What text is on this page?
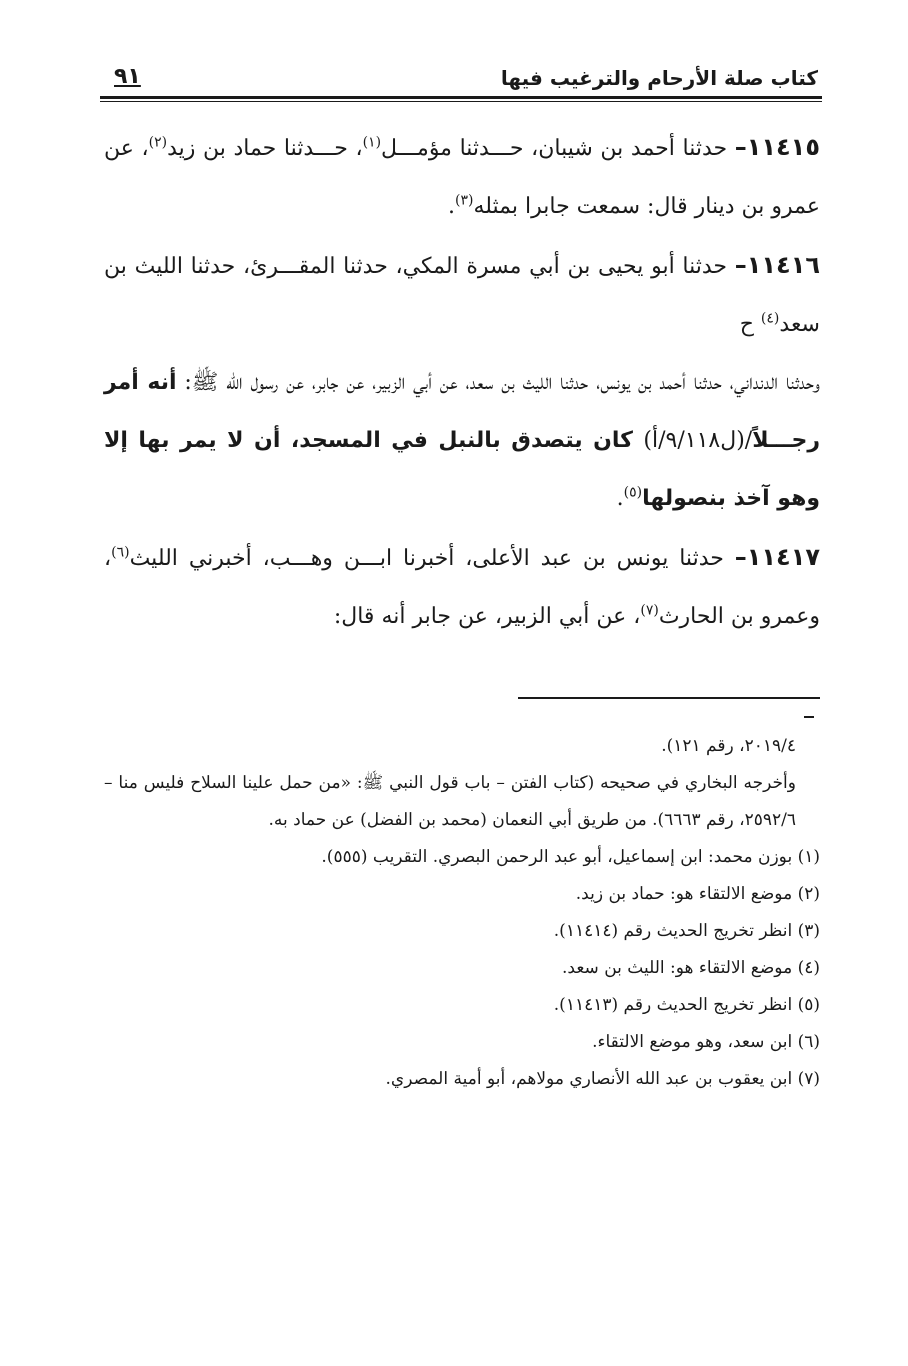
كتاب صلة الأرحام والترغيب فيها
٩١

١١٤١٥– حدثنا أحمد بن شيبان، حـــدثنا مؤمـــل$^{(١)}$، حـــدثنا حماد بن زيد$^{(٢)}$، عن عمرو بن دينار قال: سمعت جابرا بمثله$^{(٣)}$.

١١٤١٦– حدثنا أبو يحيى بن أبي مسرة المكي، حدثنا المقـــرئ، حدثنا الليث بن سعد$^{(٤)}$ ح

وحدثنا الدنداني، حدثنا أحمد بن يونس، حدثنا الليث بن سعد، عن أبي الزبير، عن جابر، عن رسول الله ﷺ: أنه أمر رجـــلاً/(ل٩/١١٨/أ) كان يتصدق بالنبل في المسجد، أن لا يمر بها إلا وهو آخذ بنصولها$^{(٥)}$.

١١٤١٧– حدثنا يونس بن عبد الأعلى، أخبرنا ابـــن وهـــب، أخبرني الليث$^{(٦)}$، وعمرو بن الحارث$^{(٧)}$، عن أبي الزبير، عن جابر أنه قال:

٢٠١٩/٤، رقم ١٢١).

وأخرجه البخاري في صحيحه (كتاب الفتن – باب قول النبي ﷺ: «من حمل علينا السلاح فليس منا – ٢٥٩٢/٦، رقم ٦٦٦٣). من طريق أبي النعمان (محمد بن الفضل) عن حماد به.

(١) بوزن محمد: ابن إسماعيل، أبو عبد الرحمن البصري. التقريب (٥٥٥).
(٢) موضع الالتقاء هو: حماد بن زيد.
(٣) انظر تخريج الحديث رقم (١١٤١٤).
(٤) موضع الالتقاء هو: الليث بن سعد.
(٥) انظر تخريج الحديث رقم (١١٤١٣).
(٦) ابن سعد، وهو موضع الالتقاء.
(٧) ابن يعقوب بن عبد الله الأنصاري مولاهم، أبو أمية المصري.
